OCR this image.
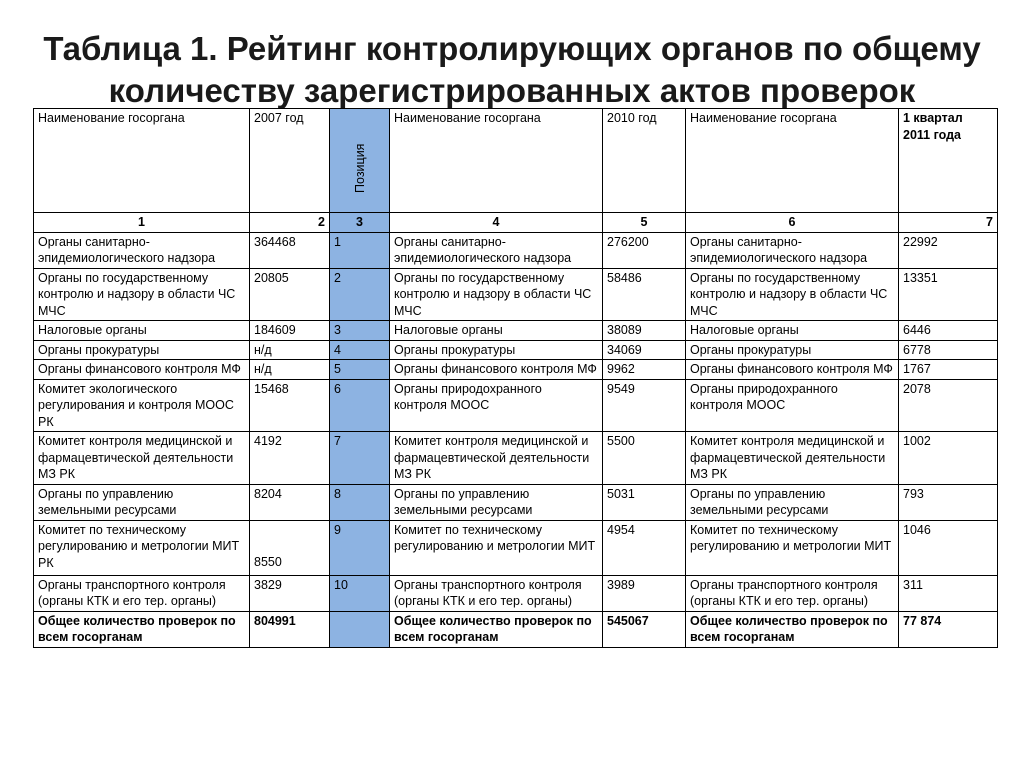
Таблица 1. Рейтинг контролирующих органов по общему
количеству зарегистрированных актов проверок
Наименование госоргана	2007 год	Позиция	Наименование госоргана	2010 год	Наименование госоргана	1 квартал 2011 года
1	2	3	4	5	6	7
Органы санитарно-эпидемиологического надзора	364468	1	Органы санитарно-эпидемиологического надзора	276200	Органы санитарно-эпидемиологического надзора	22992
Органы по государственному контролю и надзору в области ЧС МЧС	20805	2	Органы по государственному контролю и надзору в области ЧС МЧС	58486	Органы по государственному контролю и надзору в области ЧС МЧС	13351
Налоговые органы	184609	3	Налоговые органы	38089	Налоговые органы	6446
Органы прокуратуры	н/д	4	Органы прокуратуры	34069	Органы прокуратуры	6778
Органы финансового контроля МФ	н/д	5	Органы финансового контроля МФ	9962	Органы финансового контроля МФ	1767
Комитет экологического регулирования и контроля МООС РК	15468	6	Органы природохранного контроля МООС	9549	Органы природохранного контроля МООС	2078
Комитет контроля медицинской и фармацевтической деятельности МЗ РК	4192	7	Комитет контроля медицинской и фармацевтической деятельности МЗ РК	5500	Комитет контроля медицинской и фармацевтической деятельности МЗ РК	1002
Органы по управлению земельными ресурсами	8204	8	Органы по управлению земельными ресурсами	5031	Органы по управлению земельными ресурсами	793
Комитет по техническому регулированию и метрологии МИТ РК	8550	9	Комитет по техническому регулированию и метрологии МИТ	4954	Комитет по техническому регулированию и метрологии МИТ	1046
Органы транспортного контроля (органы КТК и его тер. органы)	3829	10	Органы транспортного контроля (органы КТК и его тер. органы)	3989	Органы транспортного контроля (органы КТК и его тер. органы)	311
Общее количество проверок по всем госорганам	804991		Общее количество проверок по всем госорганам	545067	Общее количество проверок по всем госорганам	77 874
